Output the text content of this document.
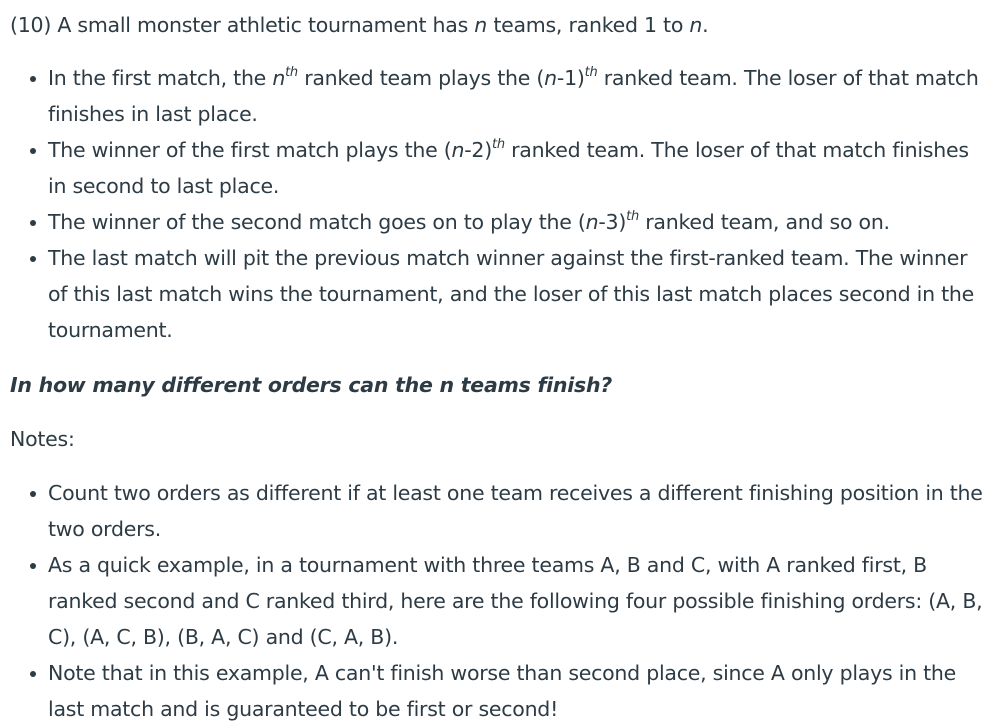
(10) A small monster athletic tournament has n teams, ranked 1 to n.

In the first match, the $n^{th}$ ranked team plays the $(n-1)^{th}$ ranked team. The loser of that match finishes in last place.
The winner of the first match plays the $(n-2)^{th}$ ranked team. The loser of that match finishes in second to last place.
The winner of the second match goes on to play the $(n-3)^{th}$ ranked team, and so on.
The last match will pit the previous match winner against the first-ranked team. The winner of this last match wins the tournament, and the loser of this last match places second in the tournament.

In how many different orders can the n teams finish?

Notes:

Count two orders as different if at least one team receives a different finishing position in the two orders.
As a quick example, in a tournament with three teams A, B and C, with A ranked first, B ranked second and C ranked third, here are the following four possible finishing orders: (A, B, C), (A, C, B), (B, A, C) and (C, A, B).
Note that in this example, A can't finish worse than second place, since A only plays in the last match and is guaranteed to be first or second!
